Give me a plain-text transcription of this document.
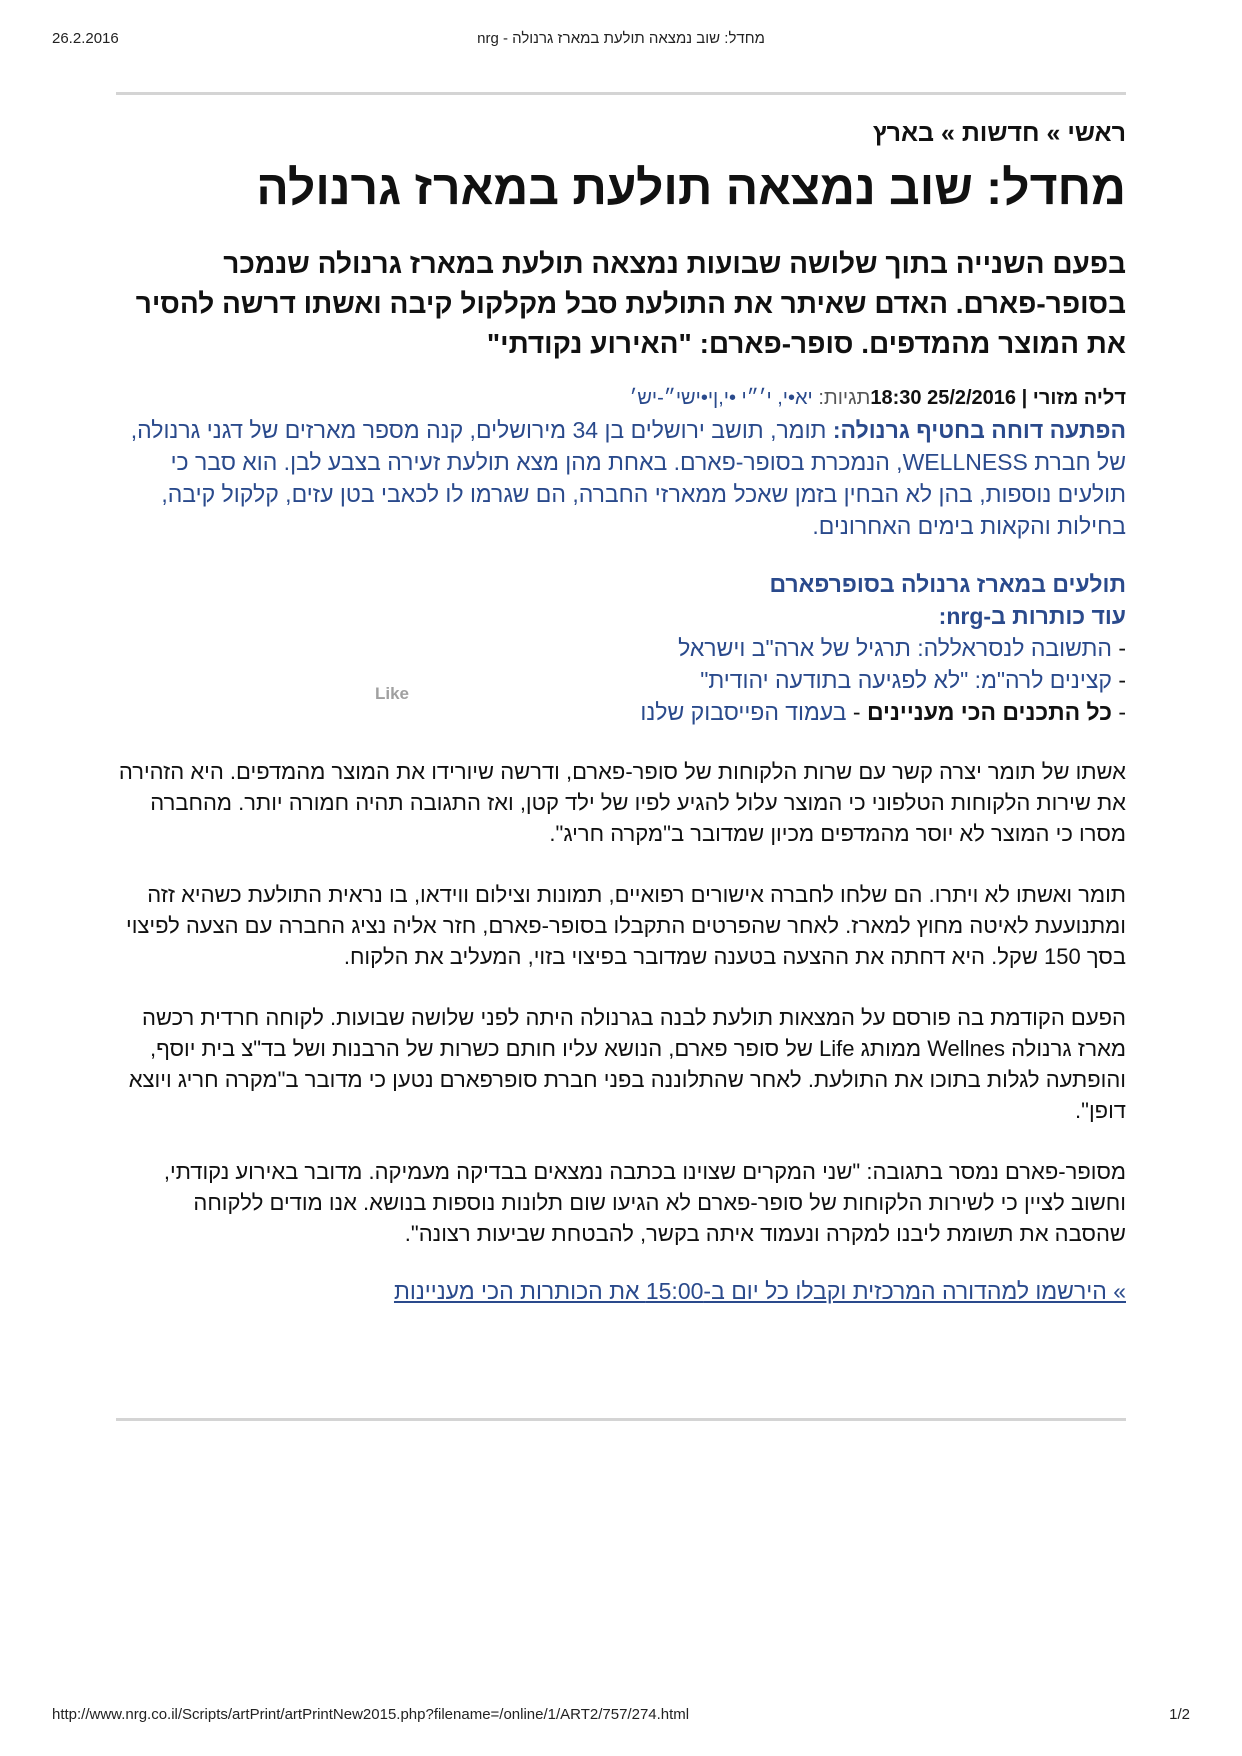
26.2.2016	מחדל: שוב נמצאה תולעת במארז גרנולה - nrg
ראשי » חדשות » בארץ
מחדל: שוב נמצאה תולעת במארז גרנולה
בפעם השנייה בתוך שלושה שבועות נמצאה תולעת במארז גרנולה שנמכר בסופר-פארם. האדם שאיתר את התולעת סבל מקלקול קיבה ואשתו דרשה להסיר את המוצר מהמדפים. סופר-פארם: "האירוע נקודתי"
דליה מזורי | 25/2/2016 18:30תגיות: יא•י, י׳״י •י,ןי•ישי״-יש׳
הפתעה דוחה בחטיף גרנולה: תומר, תושב ירושלים בן 34 מירושלים, קנה מספר מארזים של דגני גרנולה, של חברת WELLNESS, הנמכרת בסופר-פארם. באחת מהן מצא תולעת זעירה בצבע לבן. הוא סבר כי תולעים נוספות, בהן לא הבחין בזמן שאכל ממארזי החברה, הם שגרמו לו לכאבי בטן עזים, קלקול קיבה, בחילות והקאות בימים האחרונים.
תולעים במארז גרנולה בסופרפארם
עוד כותרות ב-nrg:
- התשובה לנסראללה: תרגיל של ארה"ב וישראל
- קצינים לרה"מ: "לא לפגיעה בתודעה יהודית"
- כל התכנים הכי מעניינים - בעמוד הפייסבוק שלנו

אשתו של תומר יצרה קשר עם שרות הלקוחות של סופר-פארם, ודרשה שיורידו את המוצר מהמדפים. היא הזהירה את שירות הלקוחות הטלפוני כי המוצר עלול להגיע לפיו של ילד קטן, ואז התגובה תהיה חמורה יותר. מהחברה מסרו כי המוצר לא יוסר מהמדפים מכיון שמדובר ב"מקרה חריג".

תומר ואשתו לא ויתרו. הם שלחו לחברה אישורים רפואיים, תמונות וצילום ווידאו, בו נראית התולעת כשהיא זזה ומתנועעת לאיטה מחוץ למארז. לאחר שהפרטים התקבלו בסופר-פארם, חזר אליה נציג החברה עם הצעה לפיצוי בסך 150 שקל. היא דחתה את ההצעה בטענה שמדובר בפיצוי בזוי, המעליב את הלקוח.

הפעם הקודמת בה פורסם על המצאות תולעת לבנה בגרנולה היתה לפני שלושה שבועות. לקוחה חרדית רכשה מארז גרנולה Wellnes ממותג Life של סופר פארם, הנושא עליו חותם כשרות של הרבנות ושל בד"צ בית יוסף, והופתעה לגלות בתוכו את התולעת. לאחר שהתלוננה בפני חברת סופרפארם נטען כי מדובר ב"מקרה חריג ויוצא דופן".

מסופר-פארם נמסר בתגובה: "שני המקרים שצוינו בכתבה נמצאים בבדיקה מעמיקה. מדובר באירוע נקודתי, וחשוב לציין כי לשירות הלקוחות של סופר-פארם לא הגיעו שום תלונות נוספות בנושא. אנו מודים ללקוחה שהסבה את תשומת ליבנו למקרה ונעמוד איתה בקשר, להבטחת שביעות רצונה".

» הירשמו למהדורה המרכזית וקבלו כל יום ב-15:00 את הכותרות הכי מעניינות
Like
http://www.nrg.co.il/Scripts/artPrint/artPrintNew2015.php?filename=/online/1/ART2/757/274.html	1/2
